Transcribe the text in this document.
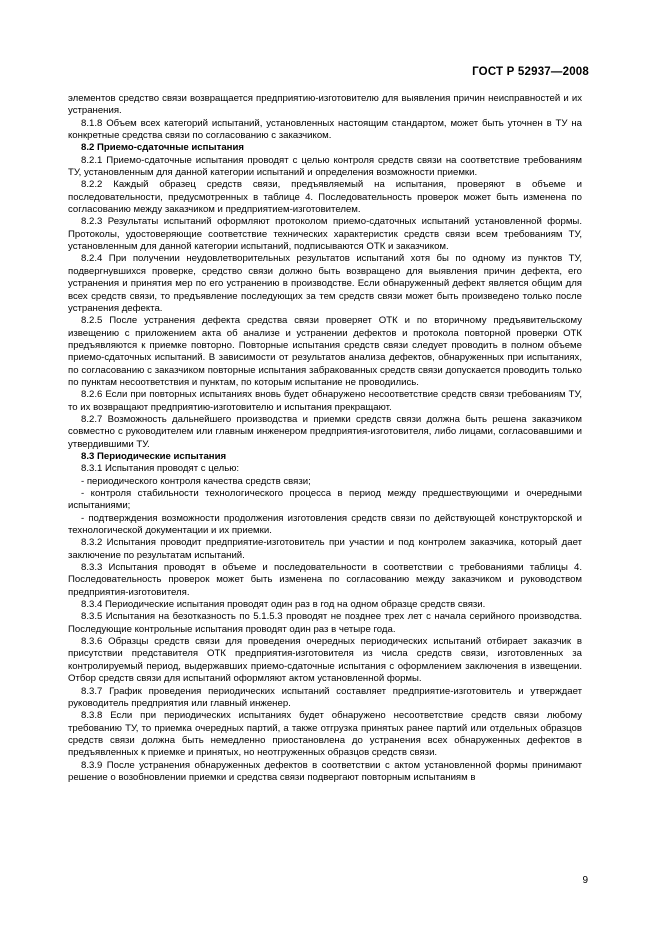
ГОСТ Р 52937—2008

элементов средство связи возвращается предприятию-изготовителю для выявления причин неисправностей и их устранения.

8.1.8 Объем всех категорий испытаний, установленных настоящим стандартом, может быть уточнен в ТУ на конкретные средства связи по согласованию с заказчиком.

8.2 Приемо-сдаточные испытания

8.2.1 Приемо-сдаточные испытания проводят с целью контроля средств связи на соответствие требованиям ТУ, установленным для данной категории испытаний и определения возможности приемки.

8.2.2 Каждый образец средств связи, предъявляемый на испытания, проверяют в объеме и последовательности, предусмотренных в таблице 4. Последовательность проверок может быть изменена по согласованию между заказчиком и предприятием-изготовителем.

8.2.3 Результаты испытаний оформляют протоколом приемо-сдаточных испытаний установленной формы. Протоколы, удостоверяющие соответствие технических характеристик средств связи всем требованиям ТУ, установленным для данной категории испытаний, подписываются ОТК и заказчиком.

8.2.4 При получении неудовлетворительных результатов испытаний хотя бы по одному из пунктов ТУ, подвергнувшихся проверке, средство связи должно быть возвращено для выявления причин дефекта, его устранения и принятия мер по его устранению в производстве. Если обнаруженный дефект является общим для всех средств связи, то предъявление последующих за тем средств связи может быть произведено только после устранения дефекта.

8.2.5 После устранения дефекта средства связи проверяет ОТК и по вторичному предъявительскому извещению с приложением акта об анализе и устранении дефектов и протокола повторной проверки ОТК предъявляются к приемке повторно. Повторные испытания средств связи следует проводить в полном объеме приемо-сдаточных испытаний. В зависимости от результатов анализа дефектов, обнаруженных при испытаниях, по согласованию с заказчиком повторные испытания забракованных средств связи допускается проводить только по пунктам несоответствия и пунктам, по которым испытание не проводились.

8.2.6 Если при повторных испытаниях вновь будет обнаружено несоответствие средств связи требованиям ТУ, то их возвращают предприятию-изготовителю и испытания прекращают.

8.2.7 Возможность дальнейшего производства и приемки средств связи должна быть решена заказчиком совместно с руководителем или главным инженером предприятия-изготовителя, либо лицами, согласовавшими и утвердившими ТУ.

8.3 Периодические испытания

8.3.1 Испытания проводят с целью:

- периодического контроля качества средств связи;

- контроля стабильности технологического процесса в период между предшествующими и очередными испытаниями;

- подтверждения возможности продолжения изготовления средств связи по действующей конструкторской и технологической документации и их приемки.

8.3.2 Испытания проводит предприятие-изготовитель при участии и под контролем заказчика, который дает заключение по результатам испытаний.

8.3.3 Испытания проводят в объеме и последовательности в соответствии с требованиями таблицы 4. Последовательность проверок может быть изменена по согласованию между заказчиком и руководством предприятия-изготовителя.

8.3.4 Периодические испытания проводят один раз в год на одном образце средств связи.

8.3.5 Испытания на безотказность по 5.1.5.3 проводят не позднее трех лет с начала серийного производства. Последующие контрольные испытания проводят один раз в четыре года.

8.3.6 Образцы средств связи для проведения очередных периодических испытаний отбирает заказчик в присутствии представителя ОТК предприятия-изготовителя из числа средств связи, изготовленных за контролируемый период, выдержавших приемо-сдаточные испытания с оформлением заключения в извещении. Отбор средств связи для испытаний оформляют актом установленной формы.

8.3.7 График проведения периодических испытаний составляет предприятие-изготовитель и утверждает руководитель предприятия или главный инженер.

8.3.8 Если при периодических испытаниях будет обнаружено несоответствие средств связи любому требованию ТУ, то приемка очередных партий, а также отгрузка принятых ранее партий или отдельных образцов средств связи должна быть немедленно приостановлена до устранения всех обнаруженных дефектов в предъявленных к приемке и принятых, но неотгруженных образцов средств связи.

8.3.9 После устранения обнаруженных дефектов в соответствии с актом установленной формы принимают решение о возобновлении приемки и средства связи подвергают повторным испытаниям в

9
